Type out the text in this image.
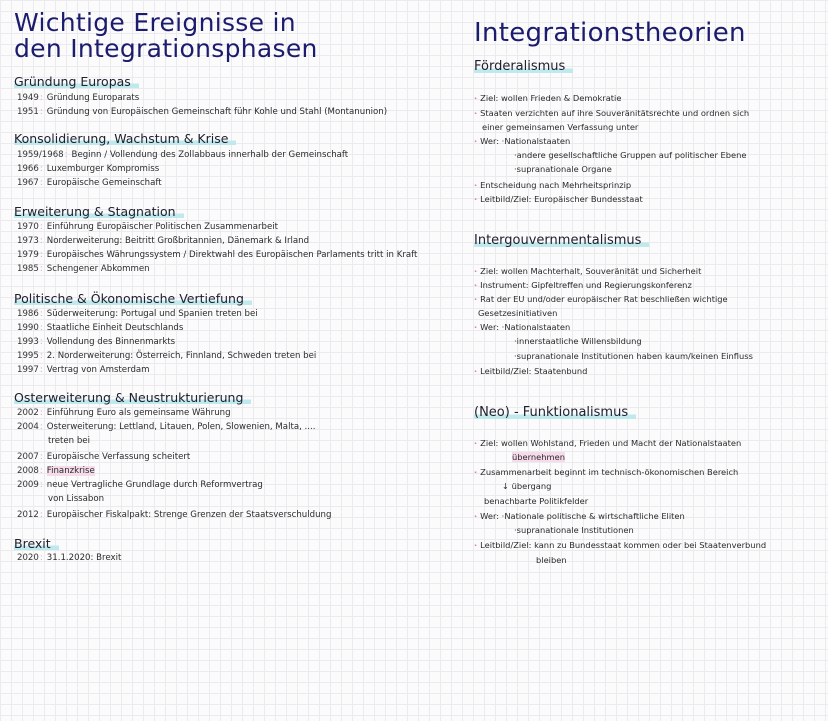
Wichtige Ereignisse in
den Integrationsphasen
Gründung Europas
1949 : Gründung Europarats
1951 : Gründung von Europäischen Gemeinschaft führ Kohle und Stahl (Montanunion)
Konsolidierung, Wachstum & Krise
1959/1968 : Beginn / Vollendung des Zollabbaus innerhalb der Gemeinschaft
1966 : Luxemburger Kompromiss
1967 : Europäische Gemeinschaft
Erweiterung & Stagnation
1970 : Einführung Europäischer Politischen Zusammenarbeit
1973 : Norderweiterung: Beitritt Großbritannien, Dänemark & Irland
1979 : Europäisches Währungssystem / Direktwahl des Europäischen Parlaments tritt in Kraft
1985 : Schengener Abkommen
Politische & Ökonomische Vertiefung
1986 : Süderweiterung: Portugal und Spanien treten bei
1990 : Staatliche Einheit Deutschlands
1993 : Vollendung des Binnenmarkts
1995 : 2. Norderweiterung: Österreich, Finnland, Schweden treten bei
1997 : Vertrag von Amsterdam
Osterweiterung & Neustrukturierung
2002 : Einführung Euro als gemeinsame Währung
2004 : Osterweiterung: Lettland, Litauen, Polen, Slowenien, Malta, ....
treten bei
2007 : Europäische Verfassung scheitert
2008 : Finanzkrise
2009 : neue Vertragliche Grundlage durch Reformvertrag
von Lissabon
2012 : Europäischer Fiskalpakt: Strenge Grenzen der Staatsverschuldung
Brexit
2020 : 31.1.2020: Brexit
Integrationstheorien
Förderalismus
· Ziel: wollen Frieden & Demokratie
· Staaten verzichten auf ihre Souveränitätsrechte und ordnen sich
einer gemeinsamen Verfassung unter
· Wer: ·Nationalstaaten
·andere gesellschaftliche Gruppen auf politischer Ebene
·supranationale Organe
· Entscheidung nach Mehrheitsprinzip
· Leitbild/Ziel: Europäischer Bundesstaat
Intergouvernmentalismus
· Ziel: wollen Machterhalt, Souveränität und Sicherheit
· Instrument: Gipfeltreffen und Regierungskonferenz
· Rat der EU und/oder europäischer Rat beschließen wichtige
Gesetzesinitiativen
· Wer: ·Nationalstaaten
·innerstaatliche Willensbildung
·supranationale Institutionen haben kaum/keinen Einfluss
· Leitbild/Ziel: Staatenbund
(Neo) - Funktionalismus
· Ziel: wollen Wohlstand, Frieden und Macht der Nationalstaaten
übernehmen
· Zusammenarbeit beginnt im technisch-ökonomischen Bereich
↓ übergang
benachbarte Politikfelder
· Wer: ·Nationale politische & wirtschaftliche Eliten
·supranationale Institutionen
· Leitbild/Ziel: kann zu Bundesstaat kommen oder bei Staatenverbund
bleiben
